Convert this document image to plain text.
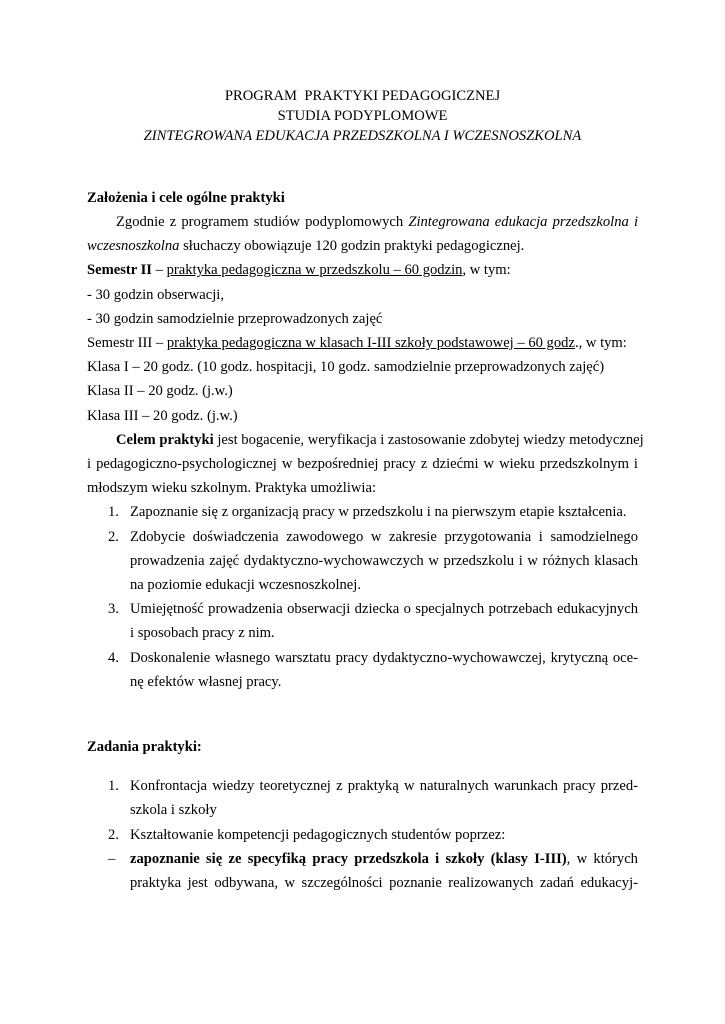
PROGRAM  PRAKTYKI PEDAGOGICZNEJ
STUDIA PODYPLOMOWE
ZINTEGROWANA EDUKACJA PRZEDSZKOLNA I WCZESNOSZKOLNA
Założenia i cele ogólne praktyki
Zgodnie z programem studiów podyplomowych Zintegrowana edukacja przedszkolna i
wczesnoszkolna słuchaczy obowiązuje 120 godzin praktyki pedagogicznej.
Semestr II – praktyka pedagogiczna w przedszkolu – 60 godzin, w tym:
- 30 godzin obserwacji,
- 30 godzin samodzielnie przeprowadzonych zajęć
Semestr III – praktyka pedagogiczna w klasach I-III szkoły podstawowej – 60 godz., w tym:
Klasa I – 20 godz. (10 godz. hospitacji, 10 godz. samodzielnie przeprowadzonych zajęć)
Klasa II – 20 godz. (j.w.)
Klasa III – 20 godz. (j.w.)
Celem praktyki jest bogacenie, weryfikacja i zastosowanie zdobytej wiedzy metodycznej
i pedagogiczno-psychologicznej w bezpośredniej pracy z dziećmi w wieku przedszkolnym i
młodszym wieku szkolnym. Praktyka umożliwia:
1. Zapoznanie się z organizacją pracy w przedszkolu i na pierwszym etapie kształcenia.
2. Zdobycie doświadczenia zawodowego w zakresie przygotowania i samodzielnego
prowadzenia zajęć dydaktyczno-wychowawczych w przedszkolu i w różnych klasach
na poziomie edukacji wczesnoszkolnej.
3. Umiejętność prowadzenia obserwacji dziecka o specjalnych potrzebach edukacyjnych
i sposobach pracy z nim.
4. Doskonalenie własnego warsztatu pracy dydaktyczno-wychowawczej, krytyczną oce-
nę efektów własnej pracy.
Zadania praktyki:
1. Konfrontacja wiedzy teoretycznej z praktyką w naturalnych warunkach pracy przed-
szkola i szkoły
2. Kształtowanie kompetencji pedagogicznych studentów poprzez:
– zapoznanie się ze specyfiką pracy przedszkola i szkoły (klasy I-III), w których
praktyka jest odbywana, w szczególności poznanie realizowanych zadań edukacyj-
